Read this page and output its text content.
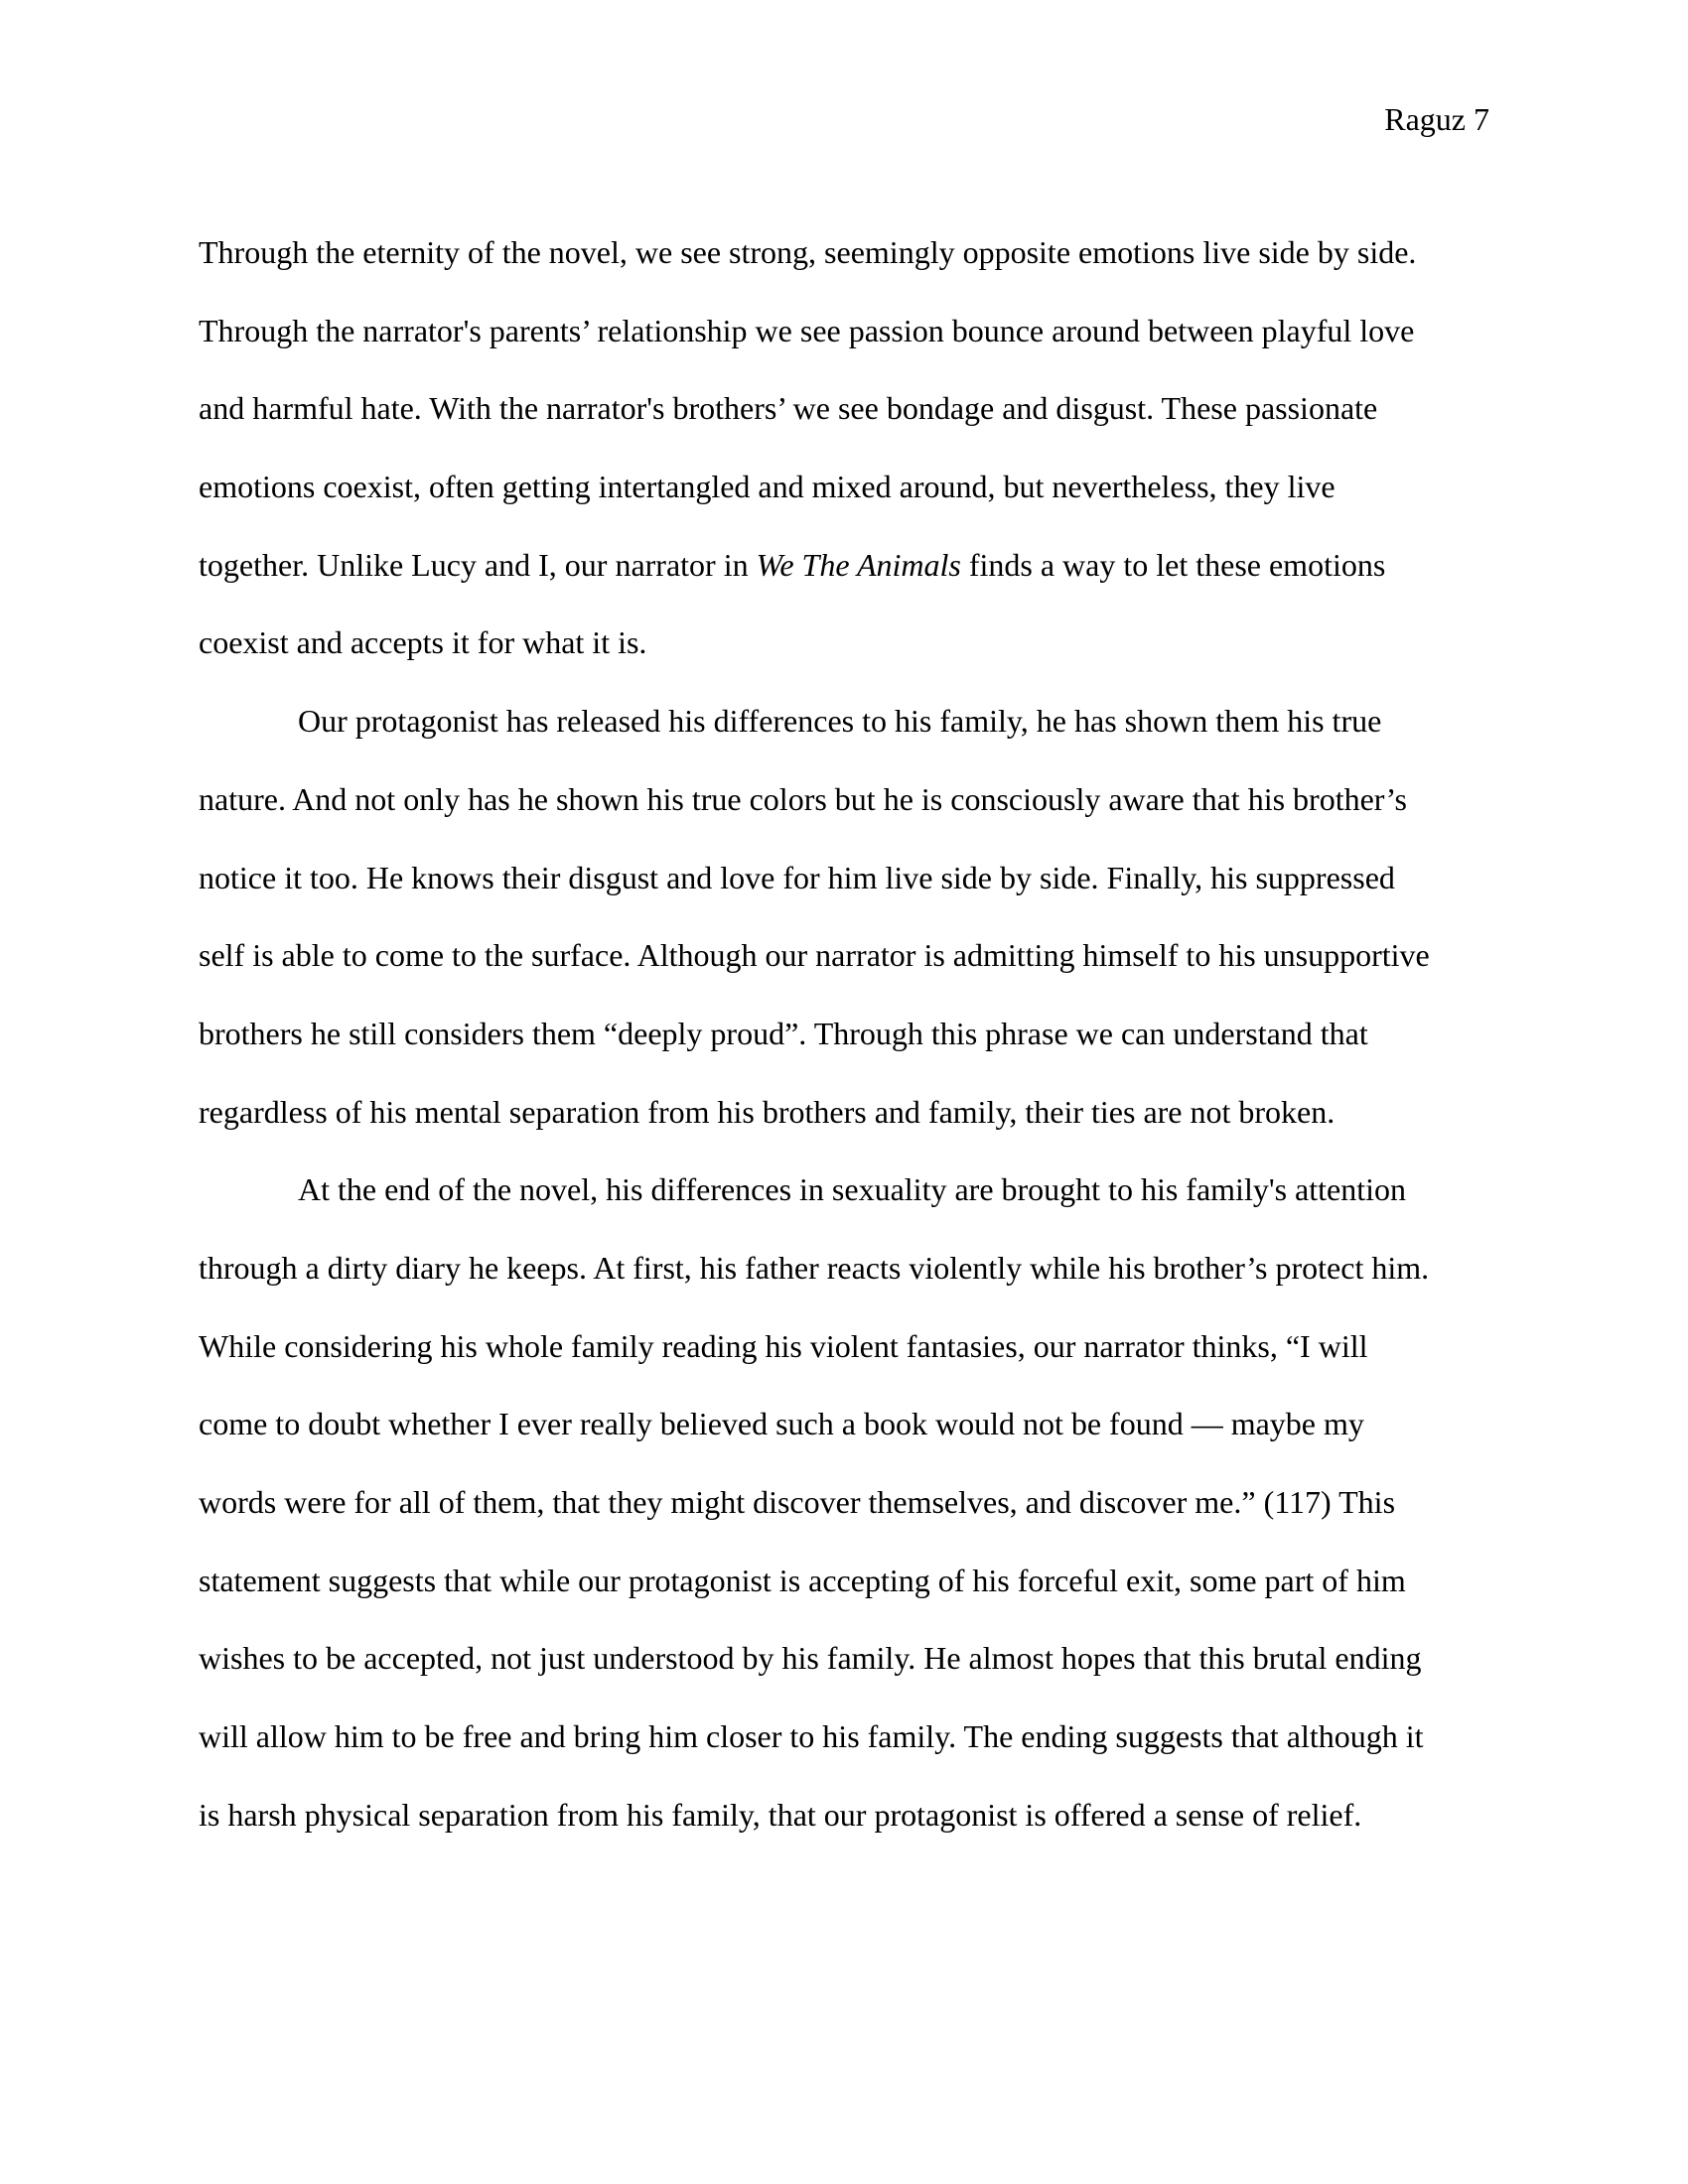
Raguz 7
Through the eternity of the novel, we see strong, seemingly opposite emotions live side by side.
Through the narrator's parents’ relationship we see passion bounce around between playful love
and harmful hate. With the narrator's brothers’ we see bondage and disgust. These passionate
emotions coexist, often getting intertangled and mixed around, but nevertheless, they live
together. Unlike Lucy and I, our narrator in We The Animals finds a way to let these emotions
coexist and accepts it for what it is.
Our protagonist has released his differences to his family, he has shown them his true
nature. And not only has he shown his true colors but he is consciously aware that his brother’s
notice it too. He knows their disgust and love for him live side by side. Finally, his suppressed
self is able to come to the surface. Although our narrator is admitting himself to his unsupportive
brothers he still considers them “deeply proud”. Through this phrase we can understand that
regardless of his mental separation from his brothers and family, their ties are not broken.
At the end of the novel, his differences in sexuality are brought to his family's attention
through a dirty diary he keeps. At first, his father reacts violently while his brother’s protect him.
While considering his whole family reading his violent fantasies, our narrator thinks, “I will
come to doubt whether I ever really believed such a book would not be found — maybe my
words were for all of them, that they might discover themselves, and discover me.” (117) This
statement suggests that while our protagonist is accepting of his forceful exit, some part of him
wishes to be accepted, not just understood by his family. He almost hopes that this brutal ending
will allow him to be free and bring him closer to his family. The ending suggests that although it
is harsh physical separation from his family, that our protagonist is offered a sense of relief.
